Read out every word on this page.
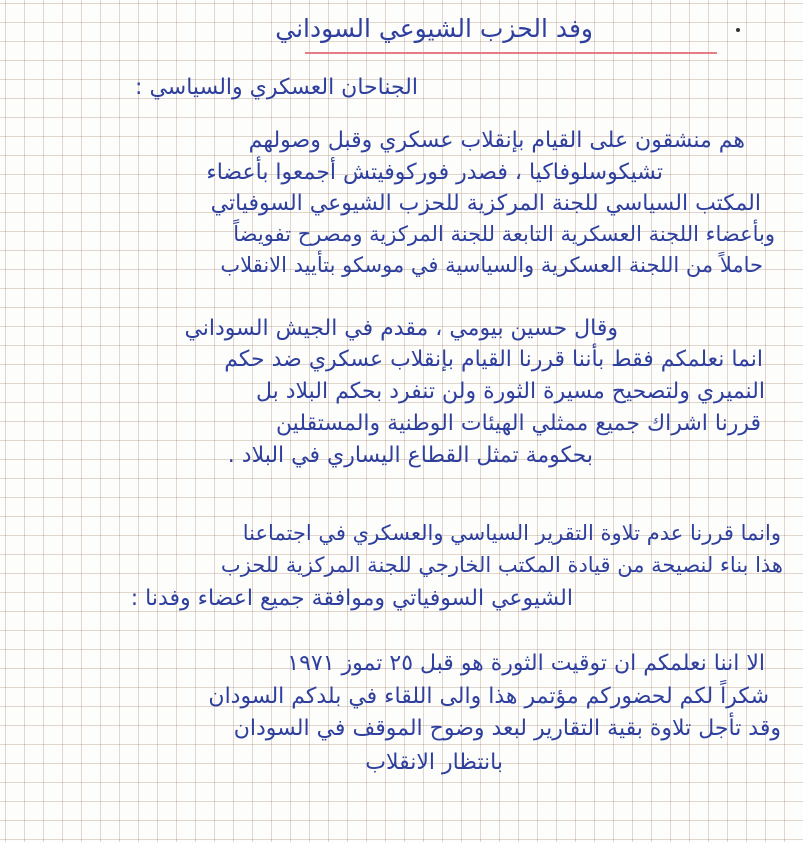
وفد الحزب الشيوعي السوداني
الجناحان العسكري والسياسي :
هم منشقون على القيام بإنقلاب عسكري وقبل وصولهم
تشيكوسلوفاكيا ، فصدر فوركوفيتش أجمعوا بأعضاء
المكتب السياسي للجنة المركزية للحزب الشيوعي السوفياتي
وبأعضاء اللجنة العسكرية التابعة للجنة المركزية ومصرح تفويضاً
حاملاً من اللجنة العسكرية والسياسية في موسكو بتأييد الانقلاب
وقال حسين بيومي ، مقدم في الجيش السوداني
انما نعلمكم فقط بأننا قررنا القيام بإنقلاب عسكري ضد حكم
النميري ولتصحيح مسيرة الثورة ولن تنفرد بحكم البلاد بل
قررنا اشراك جميع ممثلي الهيئات الوطنية والمستقلين
بحكومة تمثل القطاع اليساري في البلاد .
وانما قررنا عدم تلاوة التقرير السياسي والعسكري في اجتماعنا
هذا بناء لنصيحة من قيادة المكتب الخارجي للجنة المركزية للحزب
الشيوعي السوفياتي وموافقة جميع اعضاء وفدنا :
الا اننا نعلمكم ان توقيت الثورة هو قبل ٢٥ تموز ١٩٧١
شكراً لكم لحضوركم مؤتمر هذا والى اللقاء في بلدكم السودان
وقد تأجل تلاوة بقية التقارير لبعد وضوح الموقف في السودان
بانتظار الانقلاب
